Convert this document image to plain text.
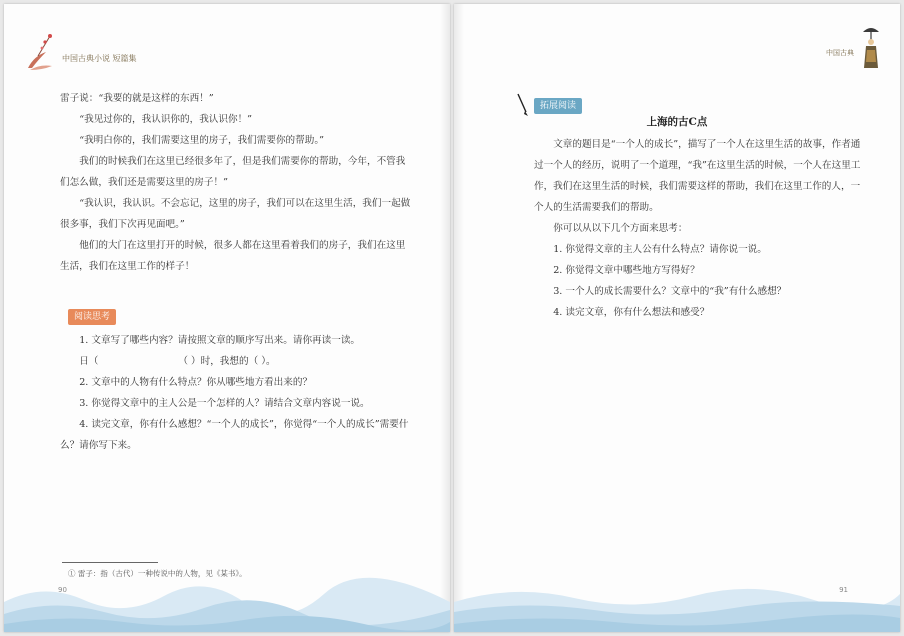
中国古典小说 短篇集

雷子说：“我要的就是这样的东西！”

“我见过你的，我认识你的，我认识你！”

“我明白你的，我们需要这里的房子，我们需要你的帮助。”

我们的时候我们在这里已经很多年了，但是我们需要你的帮助，今年，不管我们怎么做，我们还是需要这里的房子！”

“我认识，我认识。不会忘记，这里的房子，我们可以在这里生活，我们一起做很多事，我们下次再见面吧。”

他们的大门在这里打开的时候，很多人都在这里看着我们的房子，我们在这里生活，我们在这里工作的样子！

阅读思考

1. 文章写了哪些内容？请按照文章的顺序写出来。请你再读一读。

日（	（ ）时，我想的（ ）。

2. 文章中的人物有什么特点？你从哪些地方看出来的？

3. 你觉得文章中的主人公是一个怎样的人？请结合文章内容说一说。

4. 读完文章，你有什么感想？“一个人的成长”，你觉得“一个人的成长”需要什么？请你写下来。

① 雷子：指（古代）一种传说中的人物，见《某书》。
90
中国古典
拓展阅读
上海的古C点

文章的题目是“一个人的成长”，描写了一个人在这里生活的故事，作者通过一个人的经历，说明了一个道理，“我”在这里生活的时候，一个人在这里工作，我们在这里生活的时候，我们需要这样的帮助，我们在这里工作的人，一个人的生活需要我们的帮助。

你可以从以下几个方面来思考：

1. 你觉得文章的主人公有什么特点？请你说一说。

2. 你觉得文章中哪些地方写得好？

3. 一个人的成长需要什么？文章中的“我”有什么感想？

4. 读完文章，你有什么想法和感受？

91
